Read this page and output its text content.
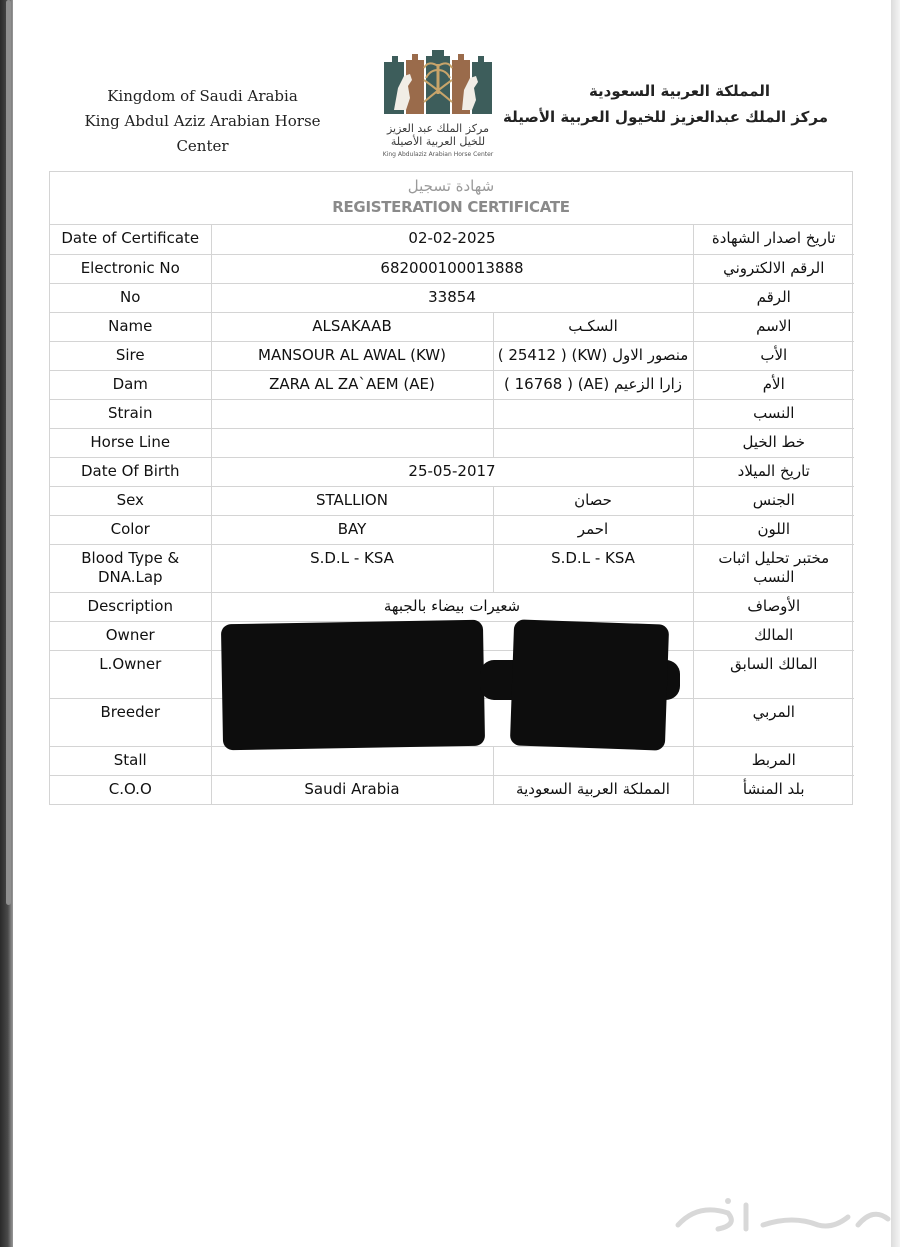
Kingdom of Saudi Arabia
King Abdul Aziz Arabian Horse Center
المملكة العربية السعودية
مركز الملك عبدالعزيز للخيول العربية الأصيلة
مركز الملك عبد العزيز
للخيل العربية الأصيلة
King Abdulaziz Arabian Horse Center
شهادة تسجيل
REGISTERATION CERTIFICATE
Date of Certificate	02-02-2025		تاريخ اصدار الشهادة
Electronic No	682000100013888		الرقم الالكتروني
No	33854		الرقم
Name	ALSAKAAB	السكـب	الاسم
Sire	MANSOUR AL AWAL (KW)	منصور الاول (KW) ( 25412 )	الأب
Dam	ZARA AL ZA`AEM (AE)	زارا الزعيم (AE) ( 16768 )	الأم
Strain			النسب
Horse Line			خط الخيل
Date Of Birth	25-05-2017		تاريخ الميلاد
Sex	STALLION	حصان	الجنس
Color	BAY	احمر	اللون
Blood Type & DNA.Lap	S.D.L - KSA	S.D.L - KSA	مختبر تحليل اثبات النسب
Description	شعيرات بيضاء بالجبهة		الأوصاف
Owner			المالك
L.Owner			المالك السابق
Breeder			المربي
Stall			المربط
C.O.O	Saudi Arabia	المملكة العربية السعودية	بلد المنشأ
